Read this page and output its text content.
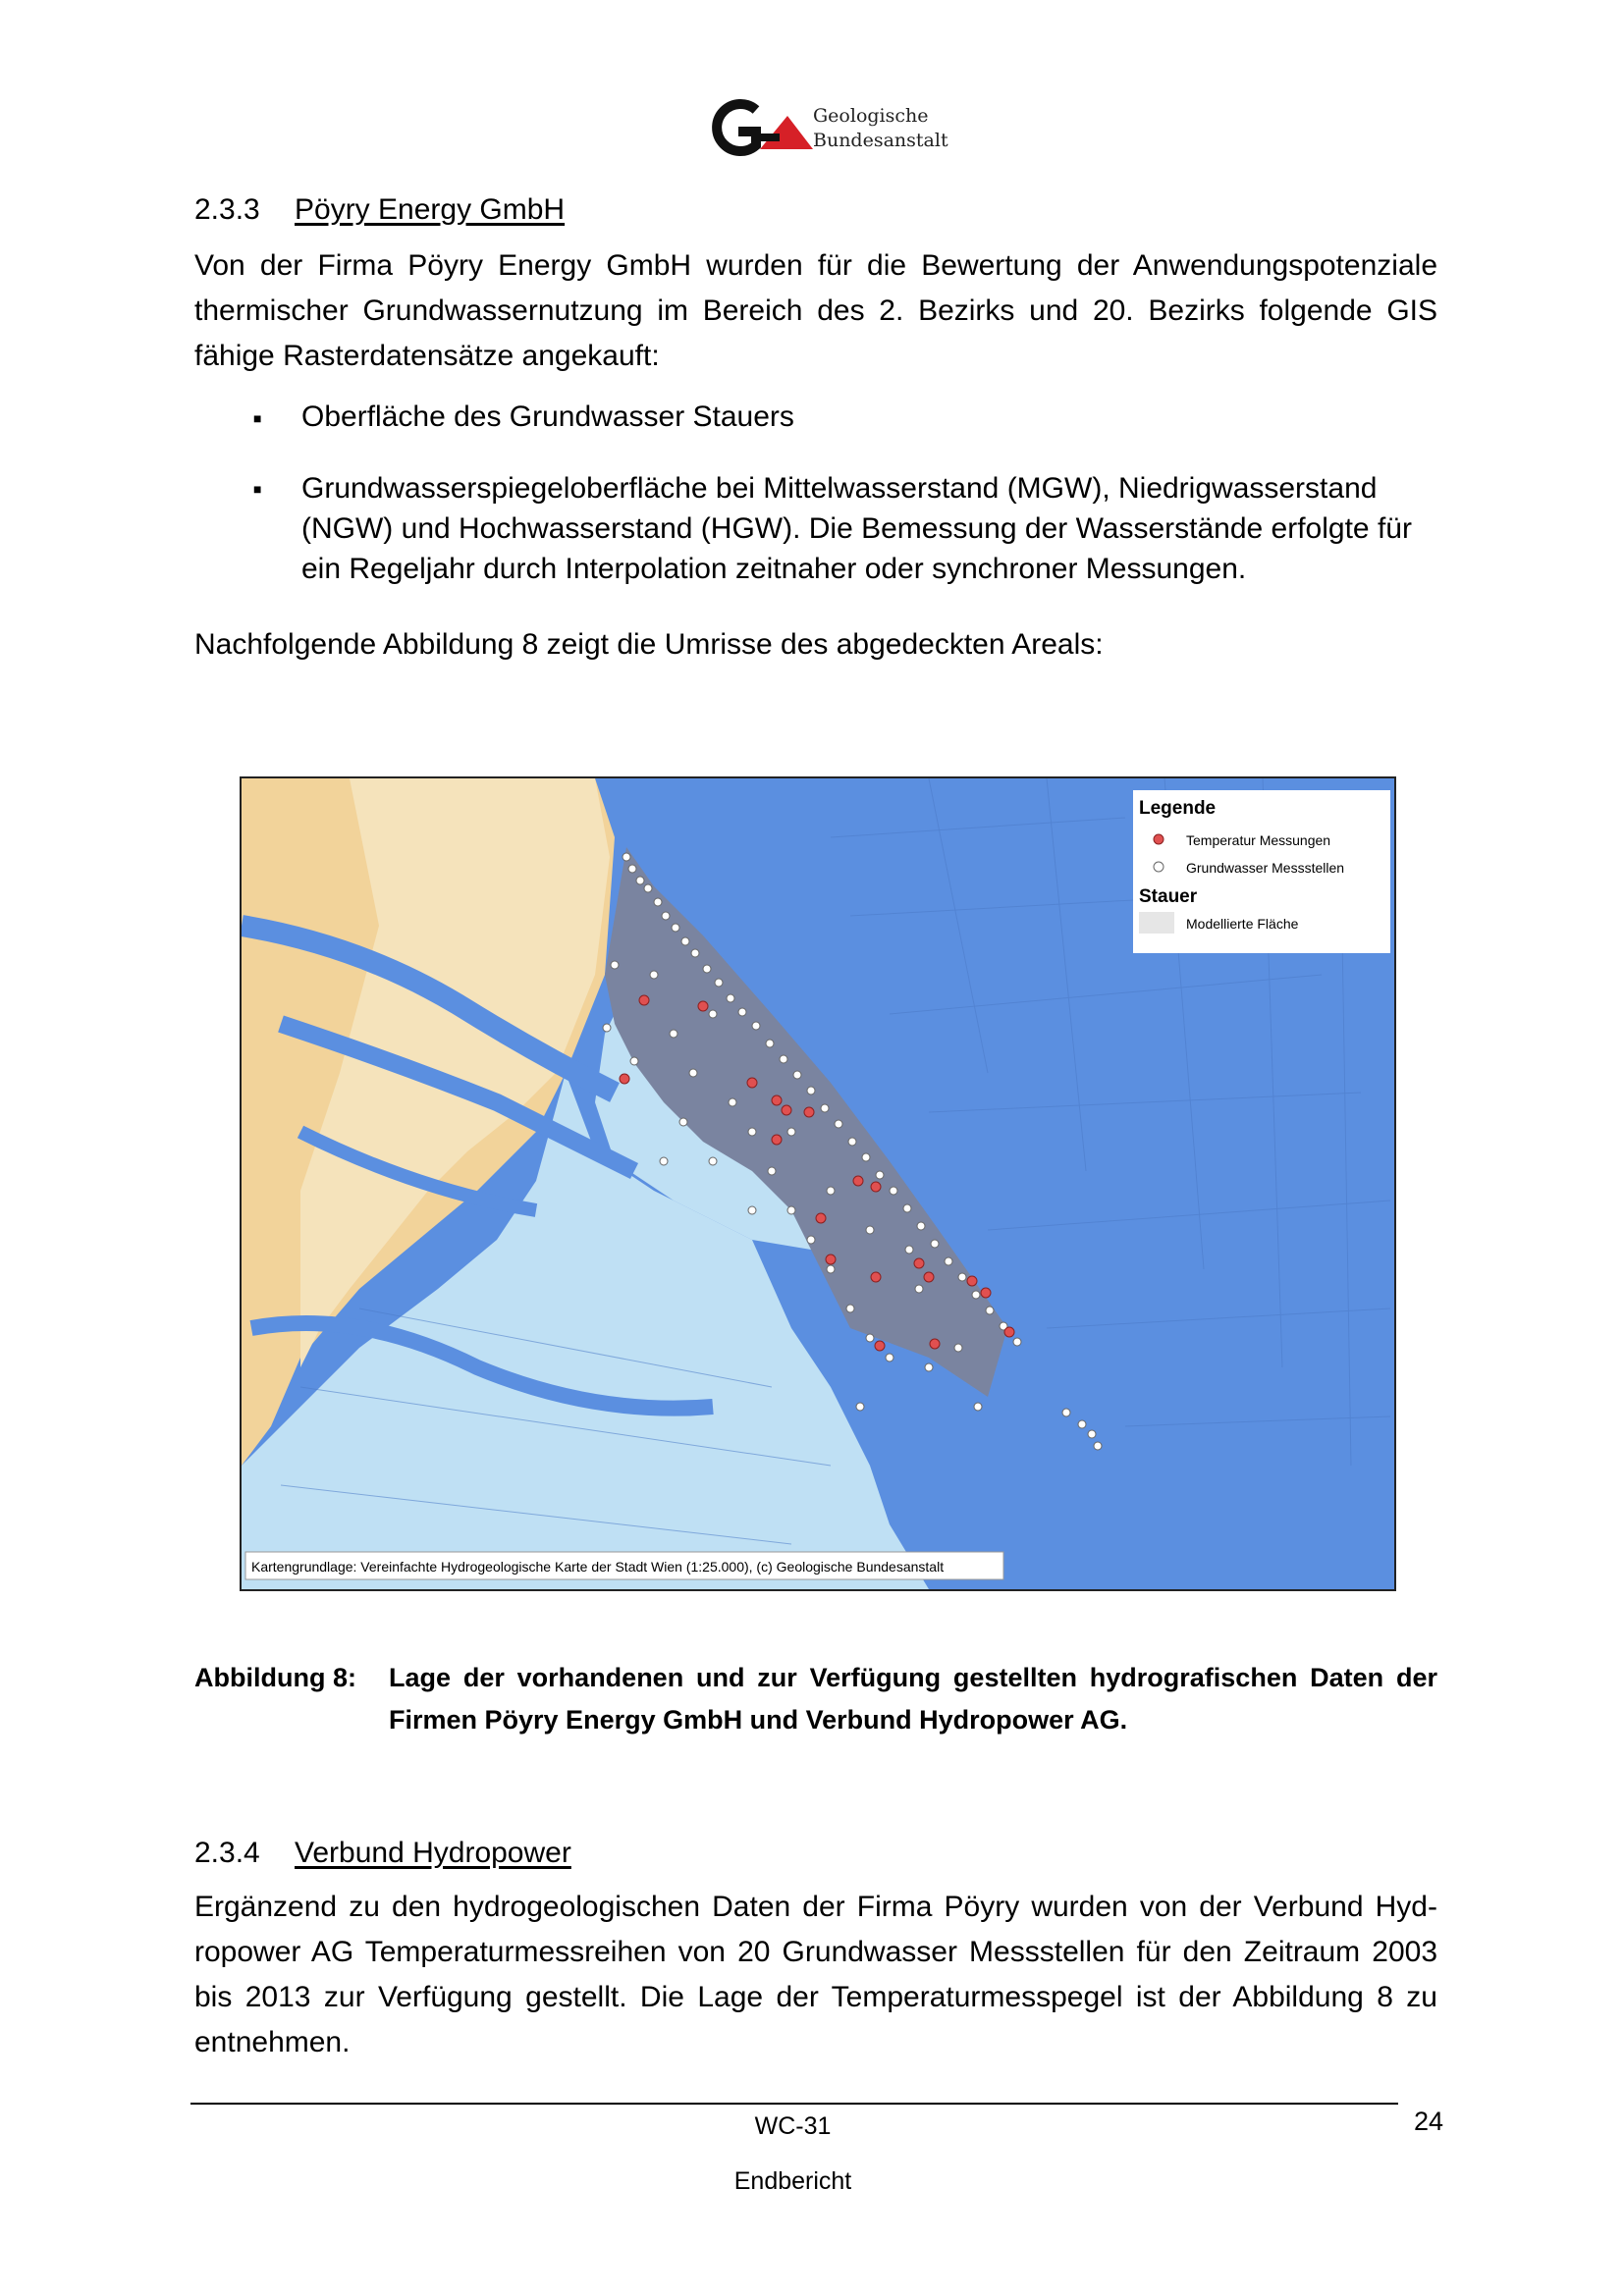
Geologische
Bundesanstalt
2.3.3 Pöyry Energy GmbH
Von der Firma Pöyry Energy GmbH wurden für die Bewertung der Anwendungspotenziale thermischer Grundwassernutzung im Bereich des 2. Bezirks und 20. Bezirks folgende GIS fähige Rasterdatensätze angekauft:
■ Oberfläche des Grundwasser Stauers
■ Grundwasserspiegeloberfläche bei Mittelwasserstand (MGW), Niedrigwasserstand (NGW) und Hochwasserstand (HGW). Die Bemessung der Wasserstände erfolgte für ein Regeljahr durch Interpolation zeitnaher oder synchroner Messungen.
Nachfolgende Abbildung 8 zeigt die Umrisse des abgedeckten Areals:
Legende
Temperatur Messungen
Grundwasser Messstellen
Stauer
Modellierte Fläche
Kartengrundlage: Vereinfachte Hydrogeologische Karte der Stadt Wien (1:25.000), (c) Geologische Bundesanstalt
Abbildung 8: Lage der vorhandenen und zur Verfügung gestellten hydrografischen Daten der Firmen Pöyry Energy GmbH und Verbund Hydropower AG.
2.3.4 Verbund Hydropower
Ergänzend zu den hydrogeologischen Daten der Firma Pöyry wurden von der Verbund Hydropower AG Temperaturmessreihen von 20 Grundwasser Messstellen für den Zeitraum 2003 bis 2013 zur Verfügung gestellt. Die Lage der Temperaturmesspegel ist der Abbildung 8 zu entnehmen.
WC-31	24
Endbericht
